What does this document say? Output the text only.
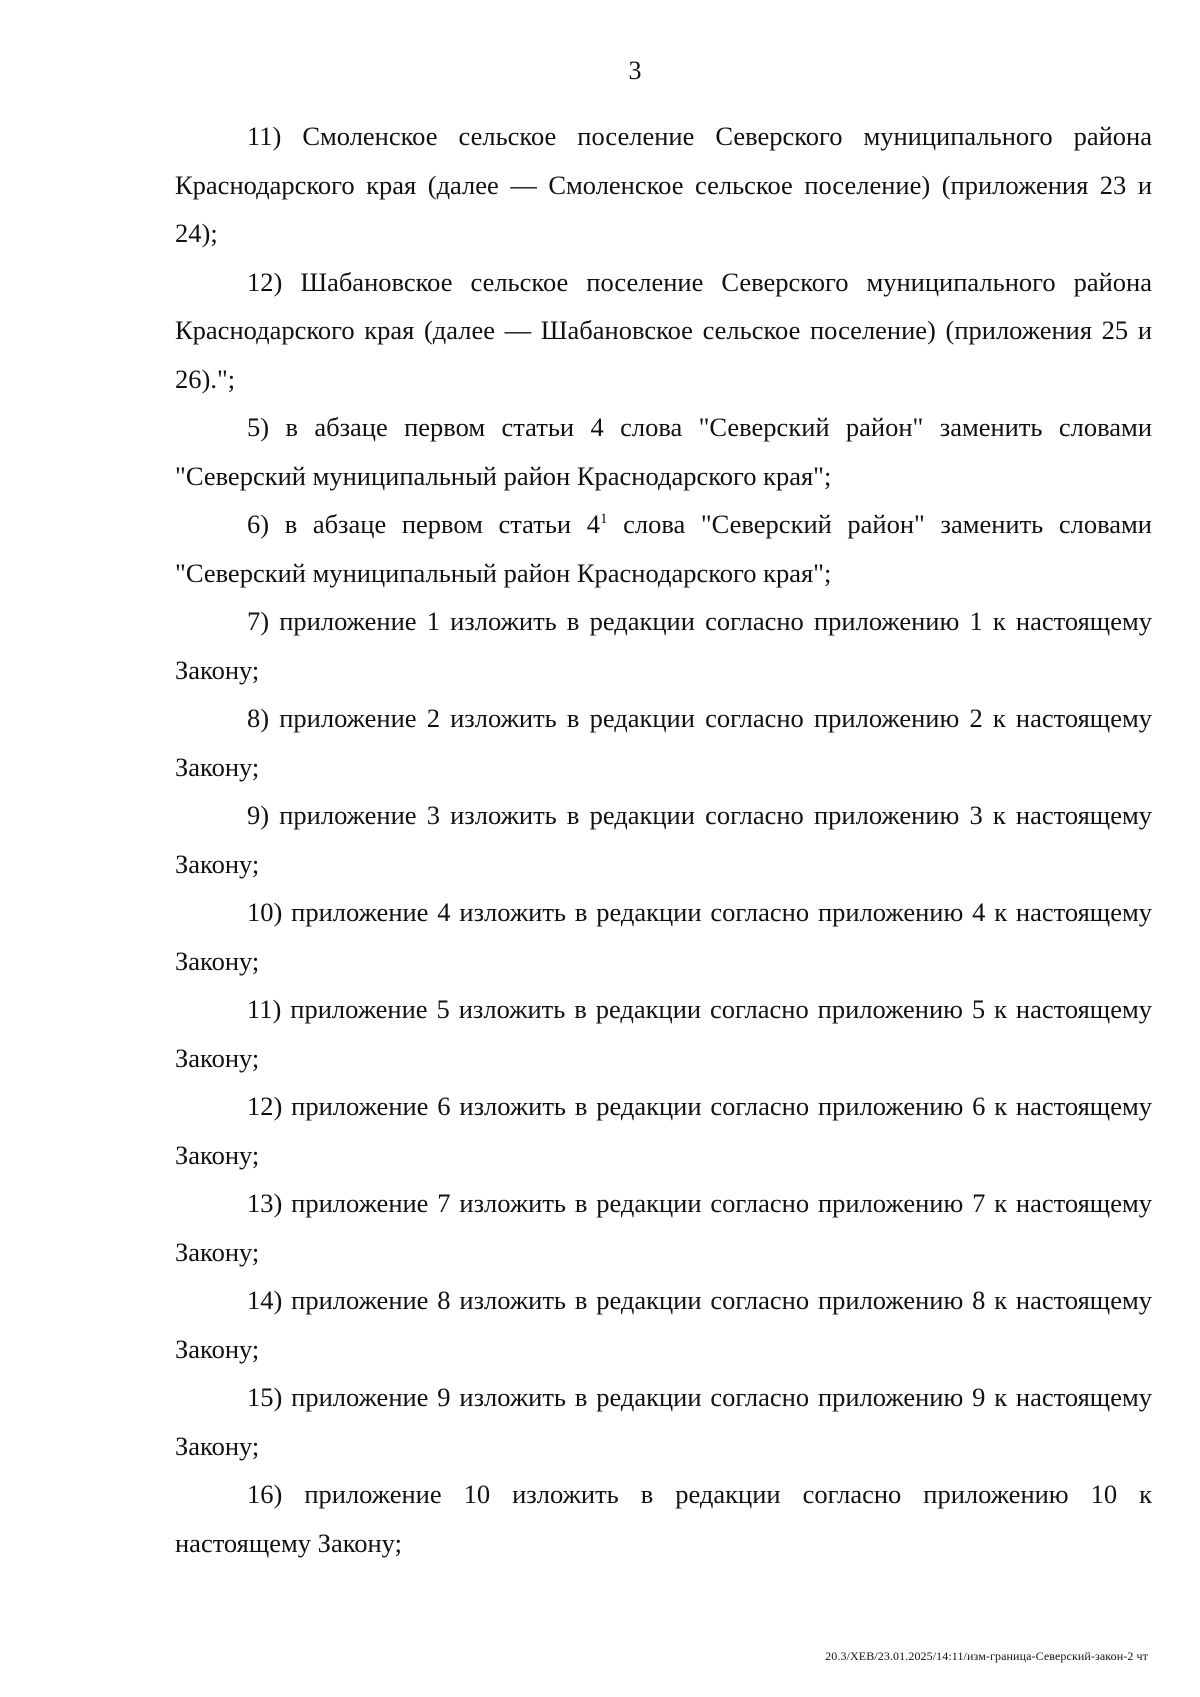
3

11) Смоленское сельское поселение Северского муниципального района Краснодарского края (далее — Смоленское сельское поселение) (приложения 23 и 24);

12) Шабановское сельское поселение Северского муниципального района Краснодарского края (далее — Шабановское сельское поселение) (приложения 25 и 26).";

5) в абзаце первом статьи 4 слова "Северский район" заменить словами "Северский муниципальный район Краснодарского края";

6) в абзаце первом статьи $4^1$ слова "Северский район" заменить словами "Северский муниципальный район Краснодарского края";

7) приложение 1 изложить в редакции согласно приложению 1 к настоящему Закону;

8) приложение 2 изложить в редакции согласно приложению 2 к настоящему Закону;

9) приложение 3 изложить в редакции согласно приложению 3 к настоящему Закону;

10) приложение 4 изложить в редакции согласно приложению 4 к настоящему Закону;

11) приложение 5 изложить в редакции согласно приложению 5 к настоящему Закону;

12) приложение 6 изложить в редакции согласно приложению 6 к настоящему Закону;

13) приложение 7 изложить в редакции согласно приложению 7 к настоящему Закону;

14) приложение 8 изложить в редакции согласно приложению 8 к настоящему Закону;

15) приложение 9 изложить в редакции согласно приложению 9 к настоящему Закону;

16) приложение 10 изложить в редакции согласно приложению 10 к настоящему Закону;

20.3/ХЕВ/23.01.2025/14:11/изм-граница-Северский-закон-2 чт
